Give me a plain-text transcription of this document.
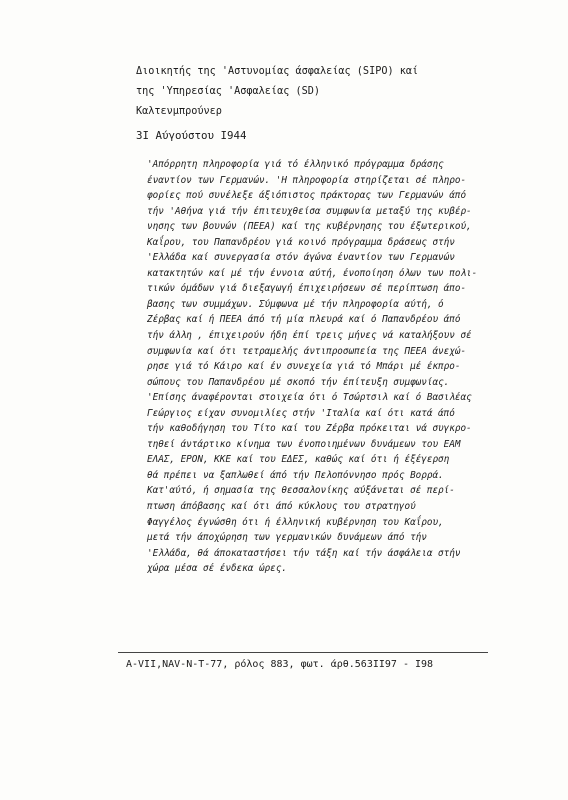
Διοικητής της 'Αστυνομίας άσφαλείας (SIPO) καί
της 'Υπηρεσίας 'Ασφαλείας (SD)
Καλτενμπρούνερ
3I Αύγούστου I944
'Απόρρητη πληροφορία γιά τό έλληνικό πρόγραμμα δράσης
έναντίον των Γερμανών. 'Η πληροφορία στηρίζεται σέ πληρο-
φορίες πού συνέλεξε άξιόπιστος πράκτορας των Γερμανών άπό
τήν 'Αθήνα γιά τήν έπιτευχθείσα συμφωνία μεταξύ της κυβέρ-
νησης των βουνών (ΠΕΕΑ) καί της κυβέρνησης του έξωτερικού,
Καΐρου, του Παπανδρέου γιά κοινό πρόγραμμα δράσεως στήν
'Ελλάδα καί συνεργασία στόν άγώνα έναντίον των Γερμανών
κατακτητών καί μέ τήν έννοια αύτή, ένοποίηση όλων των πολι-
τικών όμάδων γιά διεξαγωγή έπιχειρήσεων σέ περίπτωση άπο-
βασης των συμμάχων. Σύμφωνα μέ τήν πληροφορία αύτή, ό
Ζέρβας καί ή ΠΕΕΑ άπό τή μία πλευρά καί ό Παπανδρέου άπό
τήν άλλη , έπιχειρούν ήδη έπί τρεις μήνες νά καταλήξουν σέ
συμφωνία καί ότι τετραμελής άντιπροσωπεία της ΠΕΕΑ άνεχώ-
ρησε γιά τό Κάιρο καί έν συνεχεία γιά τό Μπάρι μέ έκπρο-
σώπους του Παπανδρέου μέ σκοπό τήν έπίτευξη συμφωνίας.
'Επίσης άναφέρονται στοιχεία ότι ό Τσώρτσιλ καί ό Βασιλέας
Γεώργιος είχαν συνομιλίες στήν 'Ιταλία καί ότι κατά άπό
τήν καθοδήγηση του Τίτο καί του Ζέρβα πρόκειται νά συγκρο-
τηθεί άντάρτικο κίνημα των ένοποιημένων δυνάμεων του ΕΑΜ
ΕΛΑΣ, ΕΡΟΝ, ΚΚΕ καί του ΕΔΕΣ, καθώς καί ότι ή έξέγερση
θά πρέπει να ξαπλωθεί άπό τήν Πελοπόννησο πρός Βορρά.
Κατ'αύτό, ή σημασία της θεσσαλονίκης αύξάνεται σέ περί-
πτωση άπόβασης καί ότι άπό κύκλους του στρατηγού
Φαγγέλος έγνώσθη ότι ή έλληνική κυβέρνηση του Καΐρου,
μετά τήν άποχώρηση των γερμανικών δυνάμεων άπό τήν
'Ελλάδα, θά άποκαταστήσει τήν τάξη καί τήν άσφάλεια στήν
χώρα μέσα σέ ένδεκα ώρες.
A-VII,NAV-N-T-77, ρόλος 883, φωτ. άρθ.563II97 - I98
